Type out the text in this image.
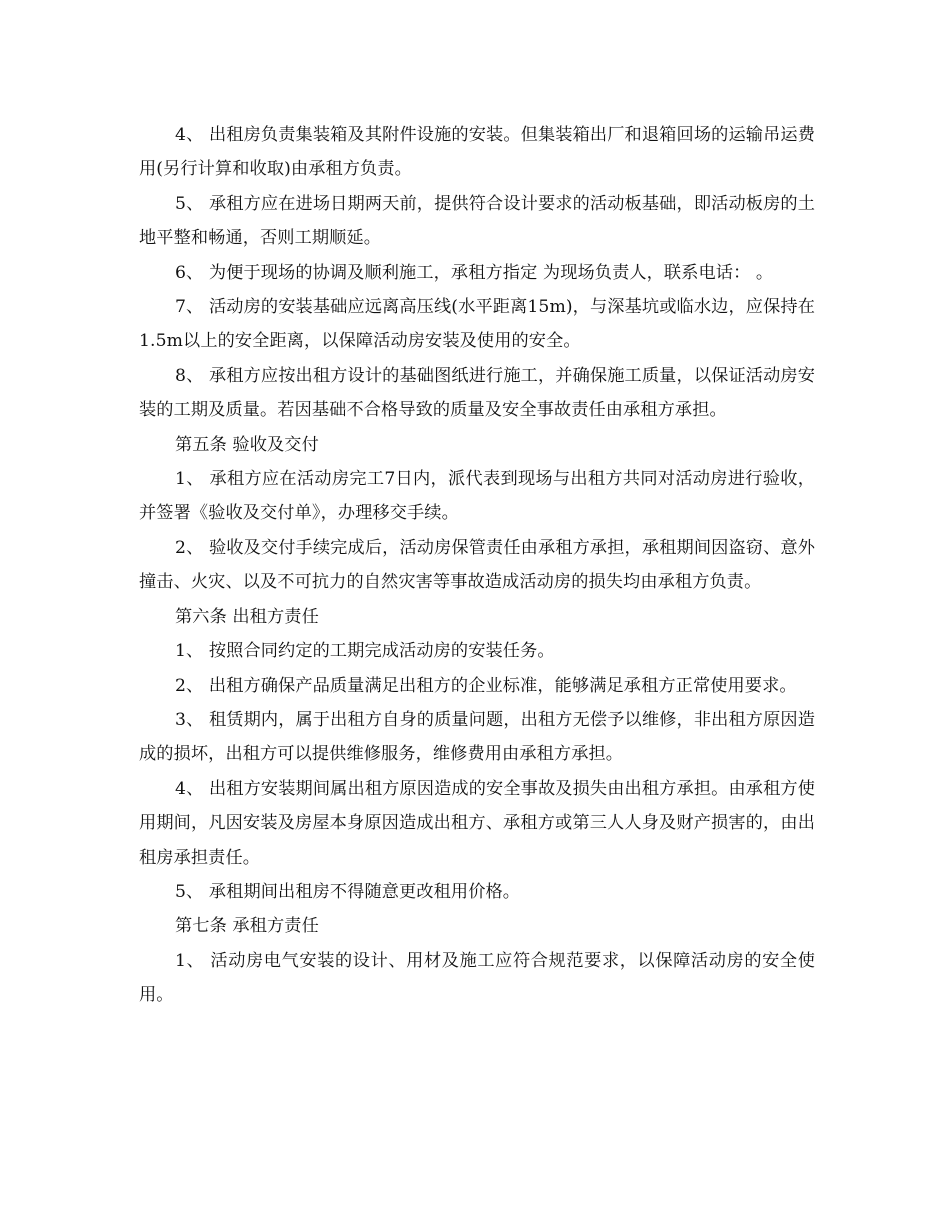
4、 出租房负责集装箱及其附件设施的安装。但集装箱出厂和退箱回场的运输吊运费用(另行计算和收取)由承租方负责。

5、 承租方应在进场日期两天前，提供符合设计要求的活动板基础，即活动板房的土地平整和畅通，否则工期顺延。

6、 为便于现场的协调及顺利施工，承租方指定 为现场负责人，联系电话： 。

7、 活动房的安装基础应远离高压线(水平距离15m)，与深基坑或临水边，应保持在1.5m以上的安全距离，以保障活动房安装及使用的安全。

8、 承租方应按出租方设计的基础图纸进行施工，并确保施工质量，以保证活动房安装的工期及质量。若因基础不合格导致的质量及安全事故责任由承租方承担。

第五条 验收及交付

1、 承租方应在活动房完工7日内，派代表到现场与出租方共同对活动房进行验收，并签署《验收及交付单》，办理移交手续。

2、 验收及交付手续完成后，活动房保管责任由承租方承担，承租期间因盗窃、意外撞击、火灾、以及不可抗力的自然灾害等事故造成活动房的损失均由承租方负责。

第六条 出租方责任

1、 按照合同约定的工期完成活动房的安装任务。

2、 出租方确保产品质量满足出租方的企业标准，能够满足承租方正常使用要求。

3、 租赁期内，属于出租方自身的质量问题，出租方无偿予以维修，非出租方原因造成的损坏，出租方可以提供维修服务，维修费用由承租方承担。

4、 出租方安装期间属出租方原因造成的安全事故及损失由出租方承担。由承租方使用期间，凡因安装及房屋本身原因造成出租方、承租方或第三人人身及财产损害的，由出租房承担责任。

5、 承租期间出租房不得随意更改租用价格。

第七条 承租方责任

1、 活动房电气安装的设计、用材及施工应符合规范要求，以保障活动房的安全使用。
